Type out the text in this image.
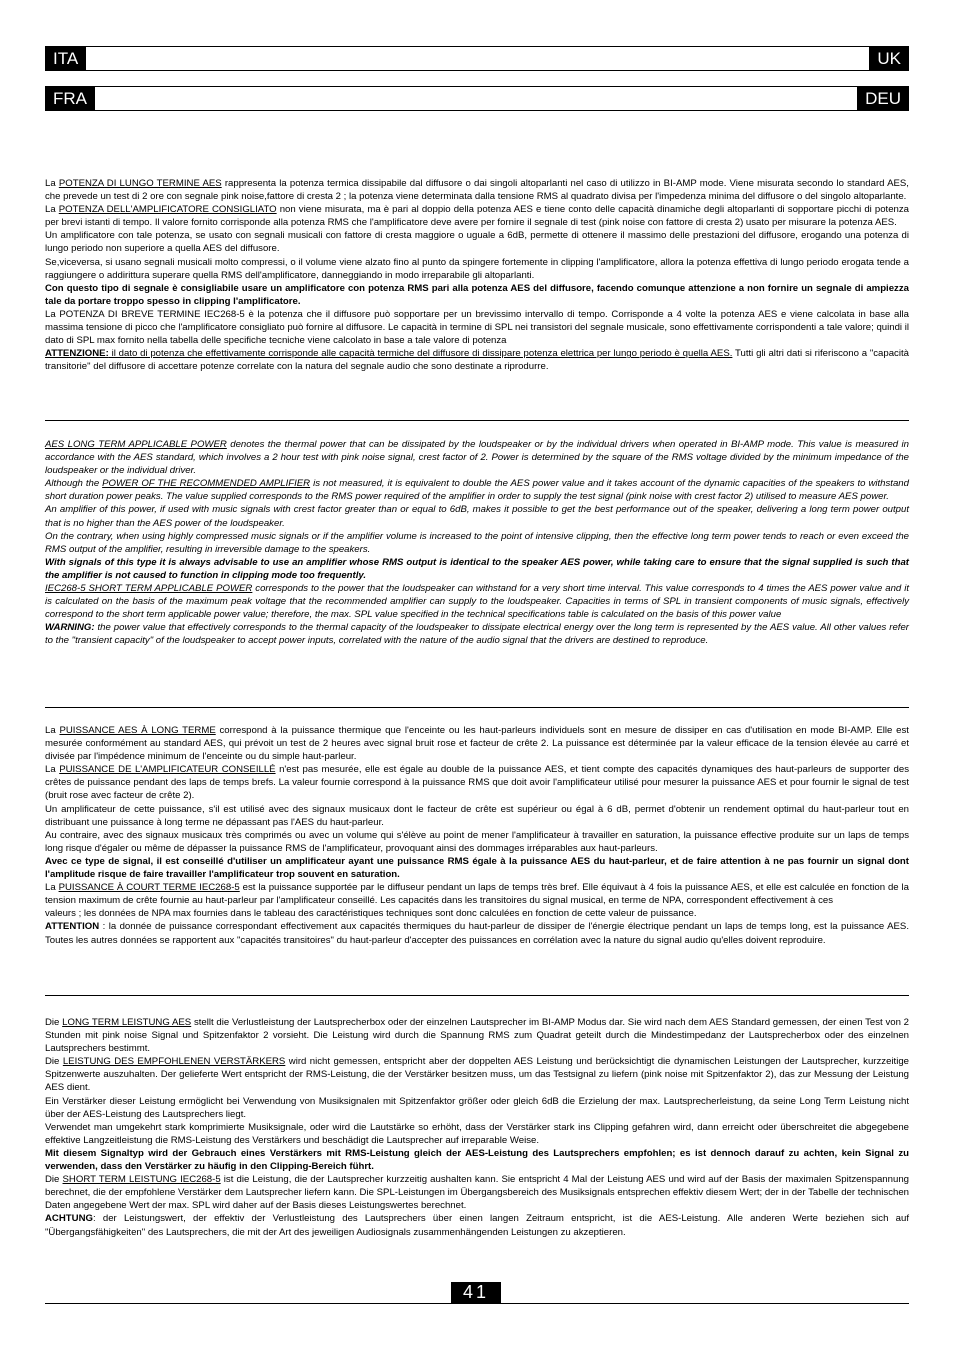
ITA	UK
FRA	DEU

La POTENZA DI LUNGO TERMINE AES rappresenta la potenza termica dissipabile dal diffusore o dai singoli altoparlanti nel caso di utilizzo in BI-AMP mode. Viene misurata secondo lo standard AES, che prevede un test di 2 ore con segnale pink noise,fattore di cresta 2 ; la potenza viene determinata dalla tensione RMS al quadrato divisa per l'impedenza minima del diffusore o del singolo altoparlante.

La POTENZA DELL'AMPLIFICATORE CONSIGLIATO non viene misurata, ma è pari al doppio della potenza AES e tiene conto delle capacità dinamiche degli altoparlanti di sopportare picchi di potenza per brevi istanti di tempo. Il valore fornito corrisponde alla potenza RMS che l'amplificatore deve avere per fornire il segnale di test (pink noise con fattore di cresta 2) usato per misurare la potenza AES.

Un amplificatore con tale potenza, se usato con segnali musicali con fattore di cresta maggiore o uguale a 6dB, permette di ottenere il massimo delle prestazioni del diffusore, erogando una potenza di lungo periodo non superiore a quella AES del diffusore.

Se,viceversa, si usano segnali musicali molto compressi, o il volume viene alzato fino al punto da spingere fortemente in clipping l'amplificatore, allora la potenza effettiva di lungo periodo erogata tende a raggiungere o addirittura superare quella RMS dell'amplificatore, danneggiando in modo irreparabile gli altoparlanti.

Con questo tipo di segnale è consigliabile usare un amplificatore con potenza RMS pari alla potenza AES del diffusore, facendo comunque attenzione a non fornire un segnale di ampiezza tale da portare troppo spesso in clipping l'amplificatore.

La POTENZA DI BREVE TERMINE IEC268-5 è la potenza che il diffusore può sopportare per un brevissimo intervallo di tempo. Corrisponde a 4 volte la potenza AES e viene calcolata in base alla massima tensione di picco che l'amplificatore consigliato può fornire al diffusore. Le capacità in termine di SPL nei transistori del segnale musicale, sono effettivamente corrispondenti a tale valore; quindi il dato di SPL max fornito nella tabella delle specifiche tecniche viene calcolato in base a tale valore di potenza

ATTENZIONE: il dato di potenza che effettivamente corrisponde alle capacità termiche del diffusore di dissipare potenza elettrica per lungo periodo è quella AES. Tutti gli altri dati si riferiscono a "capacità transitorie" del diffusore di accettare potenze correlate con la natura del segnale audio che sono destinate a riprodurre.

AES LONG TERM APPLICABLE POWER denotes the thermal power that can be dissipated by the loudspeaker or by the individual drivers when operated in BI-AMP mode. This value is measured in accordance with the AES standard, which involves a 2 hour test with pink noise signal, crest factor of 2. Power is determined by the square of the RMS voltage divided by the minimum impedance of the loudspeaker or the individual driver.

Although the POWER OF THE RECOMMENDED AMPLIFIER is not measured, it is equivalent to double the AES power value and it takes account of the dynamic capacities of the speakers to withstand short duration power peaks. The value supplied corresponds to the RMS power required of the amplifier in order to supply the test signal (pink noise with crest factor 2) utilised to measure AES power.

An amplifier of this power, if used with music signals with crest factor greater than or equal to 6dB, makes it possible to get the best performance out of the speaker, delivering a long term power output that is no higher than the AES power of the loudspeaker.

On the contrary, when using highly compressed music signals or if the amplifier volume is increased to the point of intensive clipping, then the effective long term power tends to reach or even exceed the RMS output of the amplifier, resulting in irreversible damage to the speakers.

With signals of this type it is always advisable to use an amplifier whose RMS output is identical to the speaker AES power, while taking care to ensure that the signal supplied is such that the amplifier is not caused to function in clipping mode too frequently.

IEC268-5 SHORT TERM APPLICABLE POWER corresponds to the power that the loudspeaker can withstand for a very short time interval. This value corresponds to 4 times the AES power value and it is calculated on the basis of the maximum peak voltage that the recommended amplifier can supply to the loudspeaker. Capacities in terms of SPL in transient components of music signals, effectively correspond to the short term applicable power value; therefore, the max. SPL value specified in the technical specifications table is calculated on the basis of this power value

WARNING: the power value that effectively corresponds to the thermal capacity of the loudspeaker to dissipate electrical energy over the long term is represented by the AES value. All other values refer to the "transient capacity" of the loudspeaker to accept power inputs, correlated with the nature of the audio signal that the drivers are destined to reproduce.

La PUISSANCE AES À LONG TERME correspond à la puissance thermique que l'enceinte ou les haut-parleurs individuels sont en mesure de dissiper en cas d'utilisation en mode BI-AMP. Elle est mesurée conformément au standard AES, qui prévoit un test de 2 heures avec signal bruit rose et facteur de crête 2. La puissance est déterminée par la valeur efficace de la tension élevée au carré et divisée par l'impédence minimum de l'enceinte ou du simple haut-parleur.

La PUISSANCE DE L'AMPLIFICATEUR CONSEILLÉ n'est pas mesurée, elle est égale au double de la puissance AES, et tient compte des capacités dynamiques des haut-parleurs de supporter des crêtes de puissance pendant des laps de temps brefs. La valeur fournie correspond à la puissance RMS que doit avoir l'amplificateur utilisé pour mesurer la puissance AES et pour fournir le signal de test (bruit rose avec facteur de crête 2).

Un amplificateur de cette puissance, s'il est utilisé avec des signaux musicaux dont le facteur de crête est supérieur ou égal à 6 dB, permet d'obtenir un rendement optimal du haut-parleur tout en distribuant une puissance à long terme ne dépassant pas l'AES du haut-parleur.

Au contraire, avec des signaux musicaux très comprimés ou avec un volume qui s'élève au point de mener l'amplificateur à travailler en saturation, la puissance effective produite sur un laps de temps long risque d'égaler ou même de dépasser la puissance RMS de l'amplificateur, provoquant ainsi des dommages irréparables aux haut-parleurs.

Avec ce type de signal, il est conseillé d'utiliser un amplificateur ayant une puissance RMS égale à la puissance AES du haut-parleur, et de faire attention à ne pas fournir un signal dont l'amplitude risque de faire travailler l'amplificateur trop souvent en saturation.

La PUISSANCE À COURT TERME IEC268-5 est la puissance supportée par le diffuseur pendant un laps de temps très bref. Elle équivaut à 4 fois la puissance AES, et elle est calculée en fonction de la tension maximum de crête fournie au haut-parleur par l'amplificateur conseillé. Les capacités dans les transitoires du signal musical, en terme de NPA, correspondent effectivement à ces

valeurs ; les données de NPA max fournies dans le tableau des caractéristiques techniques sont donc calculées en fonction de cette valeur de puissance.

ATTENTION : la donnée de puissance correspondant effectivement aux capacités thermiques du haut-parleur de dissiper de l'énergie électrique pendant un laps de temps long, est la puissance AES. Toutes les autres données se rapportent aux "capacités transitoires" du haut-parleur d'accepter des puissances en corrélation avec la nature du signal audio qu'elles doivent reproduire.

Die LONG TERM LEISTUNG AES stellt die Verlustleistung der Lautsprecherbox oder der einzelnen Lautsprecher im BI-AMP Modus dar. Sie wird nach dem AES Standard gemessen, der einen Test von 2 Stunden mit pink noise Signal und Spitzenfaktor 2 vorsieht. Die Leistung wird durch die Spannung RMS zum Quadrat geteilt durch die Mindestimpedanz der Lautsprecherbox oder des einzelnen Lautsprechers bestimmt.

Die LEISTUNG DES EMPFOHLENEN VERSTÄRKERS wird nicht gemessen, entspricht aber der doppelten AES Leistung und berücksichtigt die dynamischen Leistungen der Lautsprecher, kurzzeitige Spitzenwerte auszuhalten. Der gelieferte Wert entspricht der RMS-Leistung, die der Verstärker besitzen muss, um das Testsignal zu liefern (pink noise mit Spitzenfaktor 2), das zur Messung der Leistung AES dient.

Ein Verstärker dieser Leistung ermöglicht bei Verwendung von Musiksignalen mit Spitzenfaktor größer oder gleich 6dB die Erzielung der max. Lautsprecherleistung, da seine Long Term Leistung nicht über der AES-Leistung des Lautsprechers liegt.

Verwendet man umgekehrt stark komprimierte Musiksignale, oder wird die Lautstärke so erhöht, dass der Verstärker stark ins Clipping gefahren wird, dann erreicht oder überschreitet die abgegebene effektive Langzeitleistung die RMS-Leistung des Verstärkers und beschädigt die Lautsprecher auf irreparable Weise.

Mit diesem Signaltyp wird der Gebrauch eines Verstärkers mit RMS-Leistung gleich der AES-Leistung des Lautsprechers empfohlen; es ist dennoch darauf zu achten, kein Signal zu verwenden, dass den Verstärker zu häufig in den Clipping-Bereich führt.

Die SHORT TERM LEISTUNG IEC268-5 ist die Leistung, die der Lautsprecher kurzzeitig aushalten kann. Sie entspricht 4 Mal der Leistung AES und wird auf der Basis der maximalen Spitzenspannung berechnet, die der empfohlene Verstärker dem Lautsprecher liefern kann. Die SPL-Leistungen im Übergangsbereich des Musiksignals entsprechen effektiv diesem Wert; der in der Tabelle der technischen Daten angegebene Wert der max. SPL wird daher auf der Basis dieses Leistungswertes berechnet.

ACHTUNG: der Leistungswert, der effektiv der Verlustleistung des Lautsprechers über einen langen Zeitraum entspricht, ist die AES-Leistung. Alle anderen Werte beziehen sich auf "Übergangsfähigkeiten" des Lautsprechers, die mit der Art des jeweiligen Audiosignals zusammenhängenden Leistungen zu akzeptieren.

41
